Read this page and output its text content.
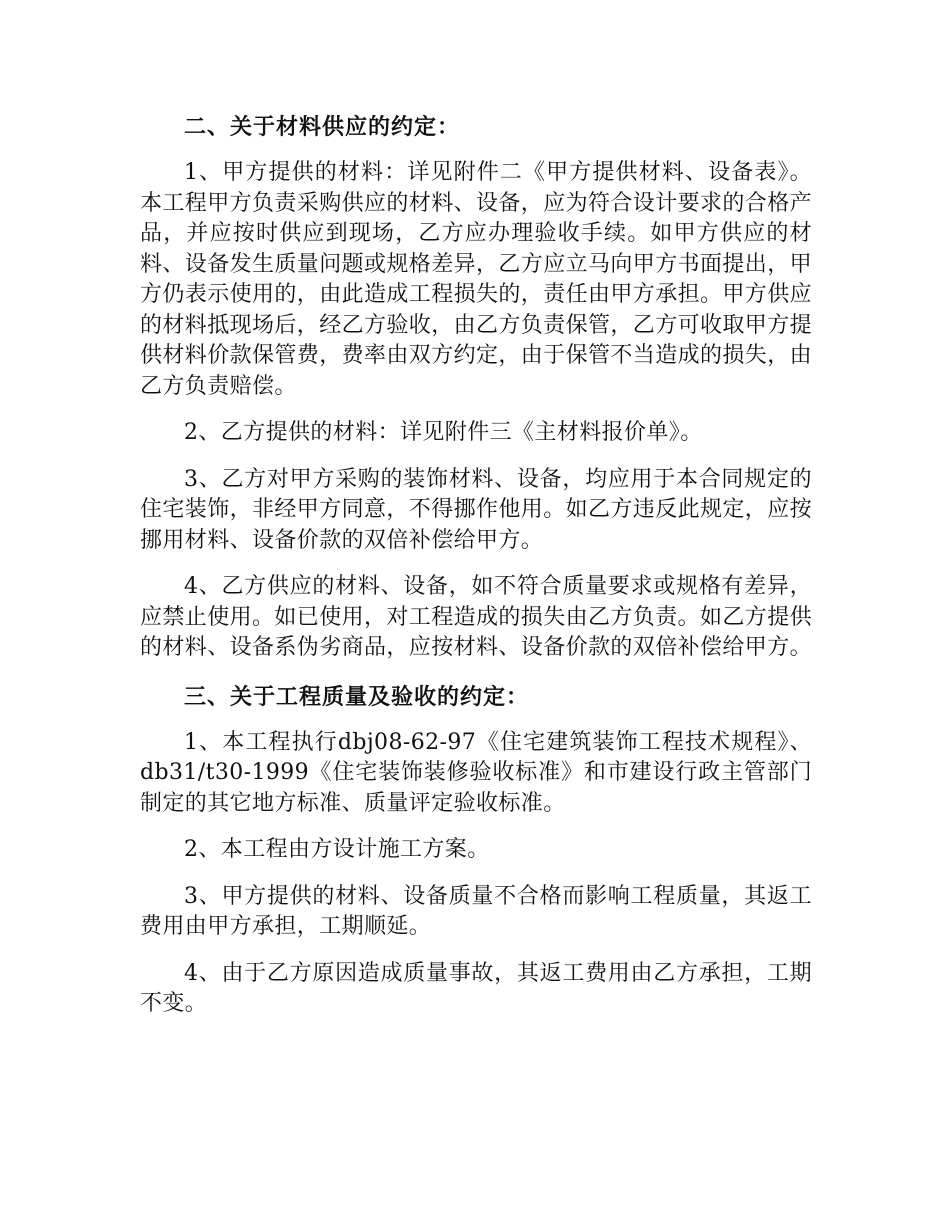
二、关于材料供应的约定：

1、甲方提供的材料：详见附件二《甲方提供材料、设备表》。本工程甲方负责采购供应的材料、设备，应为符合设计要求的合格产品，并应按时供应到现场，乙方应办理验收手续。如甲方供应的材料、设备发生质量问题或规格差异，乙方应立马向甲方书面提出，甲方仍表示使用的，由此造成工程损失的，责任由甲方承担。甲方供应的材料抵现场后，经乙方验收，由乙方负责保管，乙方可收取甲方提供材料价款保管费，费率由双方约定，由于保管不当造成的损失，由乙方负责赔偿。

2、乙方提供的材料：详见附件三《主材料报价单》。

3、乙方对甲方采购的装饰材料、设备，均应用于本合同规定的住宅装饰，非经甲方同意，不得挪作他用。如乙方违反此规定，应按挪用材料、设备价款的双倍补偿给甲方。

4、乙方供应的材料、设备，如不符合质量要求或规格有差异，应禁止使用。如已使用，对工程造成的损失由乙方负责。如乙方提供的材料、设备系伪劣商品，应按材料、设备价款的双倍补偿给甲方。

三、关于工程质量及验收的约定：

1、本工程执行dbj08-62-97《住宅建筑装饰工程技术规程》、db31/t30-1999《住宅装饰装修验收标准》和市建设行政主管部门制定的其它地方标准、质量评定验收标准。

2、本工程由方设计施工方案。

3、甲方提供的材料、设备质量不合格而影响工程质量，其返工费用由甲方承担，工期顺延。

4、由于乙方原因造成质量事故，其返工费用由乙方承担，工期不变。
